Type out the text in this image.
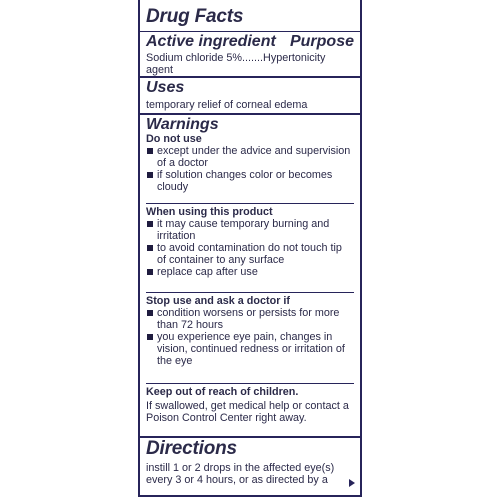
Drug Facts
Active ingredient Purpose
Sodium chloride 5%.......Hypertonicity agent
Uses
temporary relief of corneal edema
Warnings
Do not use
except under the advice and supervision
of a doctor
if solution changes color or becomes
cloudy
When using this product
it may cause temporary burning and
irritation
to avoid contamination do not touch tip
of container to any surface
replace cap after use
Stop use and ask a doctor if
condition worsens or persists for more
than 72 hours
you experience eye pain, changes in
vision, continued redness or irritation of
the eye
Keep out of reach of children.
If swallowed, get medical help or contact a
Poison Control Center right away.
Directions
instill 1 or 2 drops in the affected eye(s)
every 3 or 4 hours, or as directed by a
